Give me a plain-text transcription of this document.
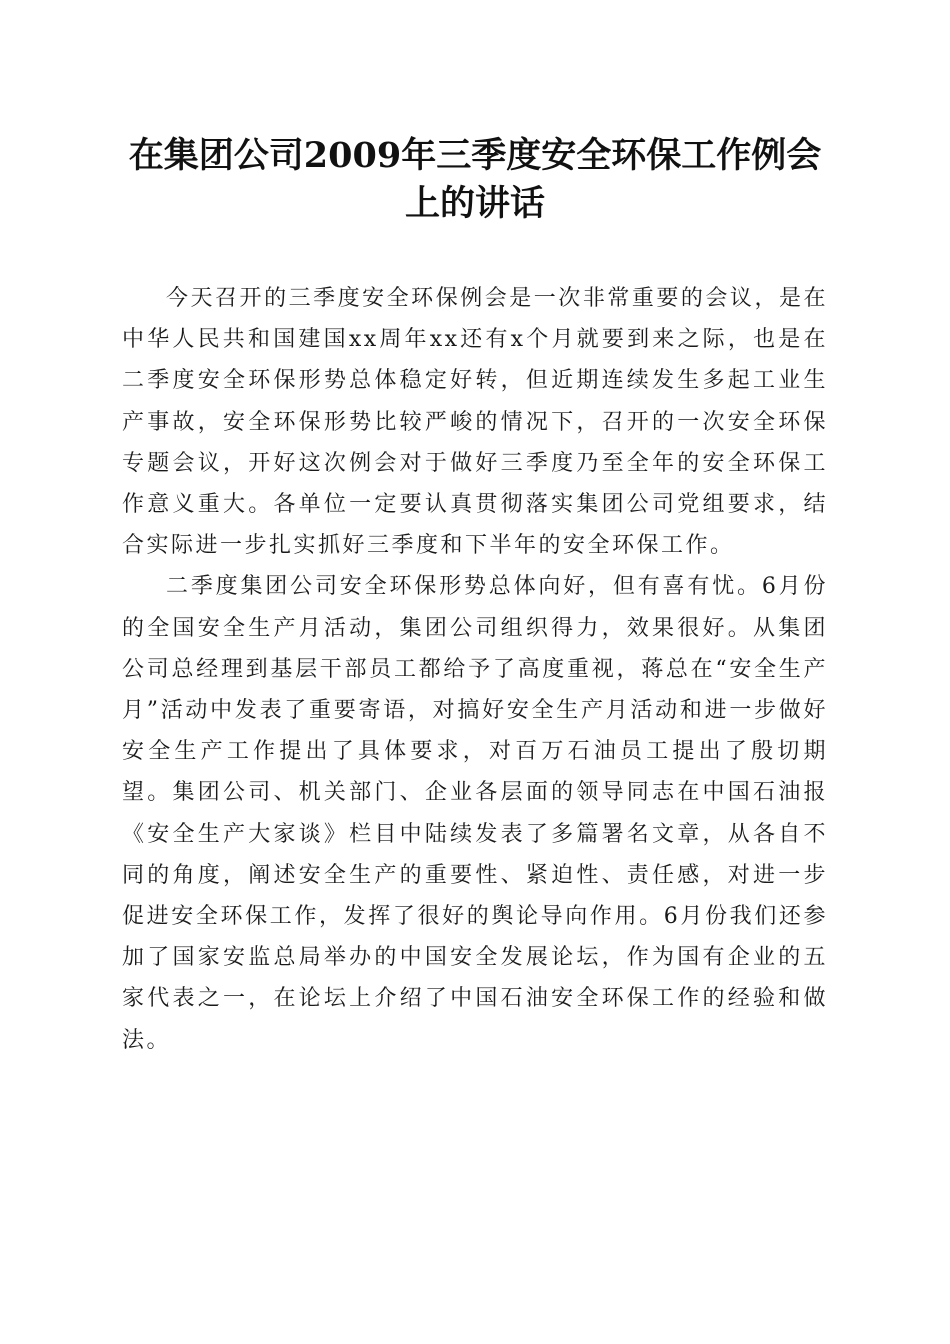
在集团公司2009年三季度安全环保工作例会
上的讲话

今天召开的三季度安全环保例会是一次非常重要的会议，是在中华人民共和国建国xx周年xx还有x个月就要到来之际，也是在二季度安全环保形势总体稳定好转，但近期连续发生多起工业生产事故，安全环保形势比较严峻的情况下，召开的一次安全环保专题会议，开好这次例会对于做好三季度乃至全年的安全环保工作意义重大。各单位一定要认真贯彻落实集团公司党组要求，结合实际进一步扎实抓好三季度和下半年的安全环保工作。

二季度集团公司安全环保形势总体向好，但有喜有忧。6月份的全国安全生产月活动，集团公司组织得力，效果很好。从集团公司总经理到基层干部员工都给予了高度重视，蒋总在“安全生产月”活动中发表了重要寄语，对搞好安全生产月活动和进一步做好安全生产工作提出了具体要求，对百万石油员工提出了殷切期望。集团公司、机关部门、企业各层面的领导同志在中国石油报《安全生产大家谈》栏目中陆续发表了多篇署名文章，从各自不同的角度，阐述安全生产的重要性、紧迫性、责任感，对进一步促进安全环保工作，发挥了很好的舆论导向作用。6月份我们还参加了国家安监总局举办的中国安全发展论坛，作为国有企业的五家代表之一，在论坛上介绍了中国石油安全环保工作的经验和做法。
